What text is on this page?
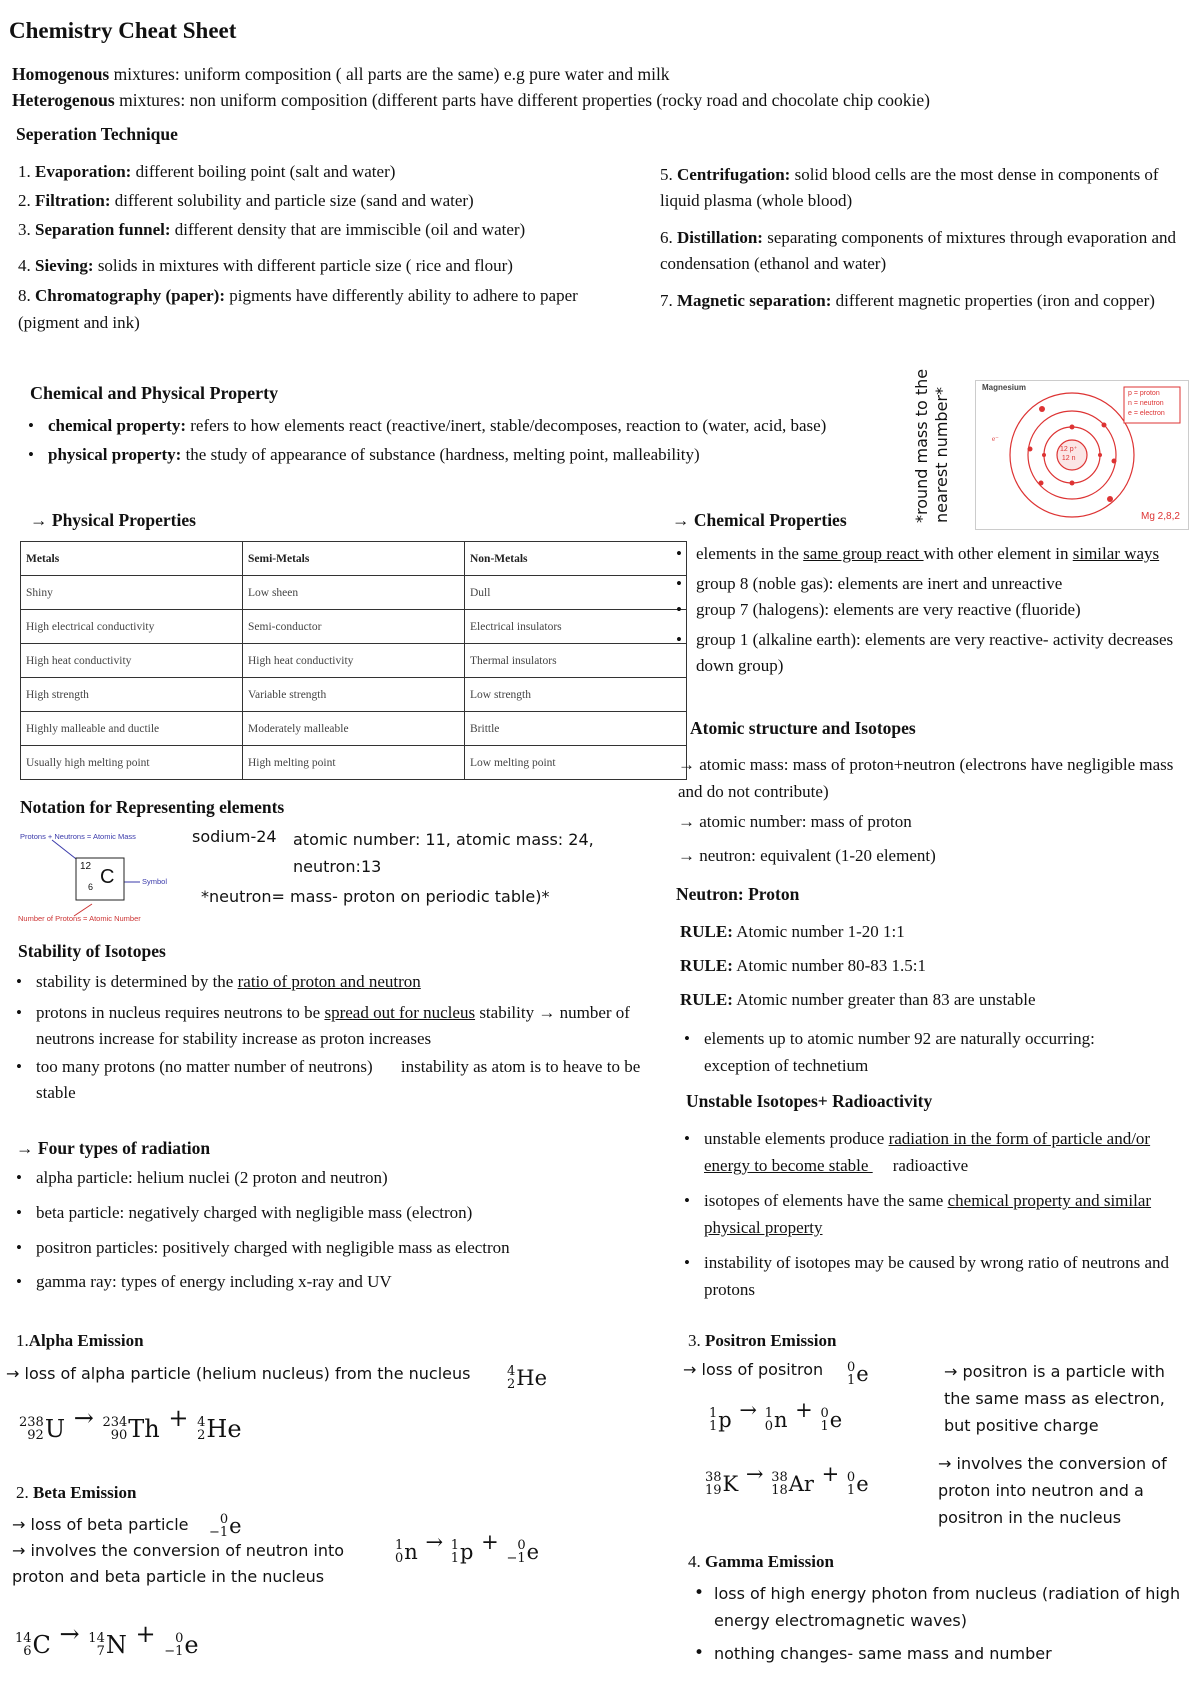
Chemistry Cheat Sheet
Homogenous mixtures: uniform composition ( all parts are the same) e.g pure water and milk
Heterogenous mixtures: non uniform composition (different parts have different properties (rocky road and chocolate chip cookie)
Seperation Technique
1. Evaporation: different boiling point (salt and water)
2. Filtration: different solubility and particle size (sand and water)
3. Separation funnel: different density that are immiscible (oil and water)
4. Sieving: solids in mixtures with different particle size ( rice and flour)
8. Chromatography (paper): pigments have differently ability to adhere to paper (pigment and ink)
5. Centrifugation: solid blood cells are the most dense in components of liquid plasma (whole blood)
6. Distillation: separating components of mixtures through evaporation and condensation (ethanol and water)
7. Magnetic separation: different magnetic properties (iron and copper)
Chemical and Physical Property
• chemical property: refers to how elements react (reactive/inert, stable/decomposes, reaction to (water, acid, base)
• physical property: the study of appearance of substance (hardness, melting point, malleability)	*round mass to the nearest number*	Magnesium
p = proton
n = neutron
e = electron
12 p⁺
12 n
e⁻
Mg 2,8,2
→ Physical Properties
Metals	Semi-Metals	Non-Metals
Shiny	Low sheen	Dull
High electrical conductivity	Semi-conductor	Electrical insulators
High heat conductivity	High heat conductivity	Thermal insulators
High strength	Variable strength	Low strength
Highly malleable and ductile	Moderately malleable	Brittle
Usually high melting point	High melting point	Low melting point
→ Chemical Properties
• elements in the same group react with other element in similar ways
• group 8 (noble gas): elements are inert and unreactive
• group 7 (halogens): elements are very reactive (fluoride)
• group 1 (alkaline earth): elements are very reactive- activity decreases down group)
Notation for Representing elements
Protons + Neutrons = Atomic Mass
12
6 C	Symbol
Number of Protons = Atomic Number
sodium-24 atomic number: 11, atomic mass: 24,
neutron:13
*neutron= mass- proton on periodic table)*
Atomic structure and Isotopes
→ atomic mass: mass of proton+neutron (electrons have negligible mass and do not contribute)
→ atomic number: mass of proton
→ neutron: equivalent (1-20 element)
Neutron: Proton
RULE: Atomic number 1-20 1:1
RULE: Atomic number 80-83 1.5:1
RULE: Atomic number greater than 83 are unstable
• elements up to atomic number 92 are naturally occurring: exception of technetium
Stability of Isotopes
• stability is determined by the ratio of proton and neutron
• protons in nucleus requires neutrons to be spread out for nucleus stability → number of neutrons increase for stability increase as proton increases
• too many protons (no matter number of neutrons) instability as atom is to heave to be stable	Unstable Isotopes+ Radioactivity
• unstable elements produce radiation in the form of particle and/or energy to become stable radioactive
• isotopes of elements have the same chemical property and similar physical property
• instability of isotopes may be caused by wrong ratio of neutrons and protons
→ Four types of radiation
• alpha particle: helium nuclei (2 proton and neutron)
• beta particle: negatively charged with negligible mass (electron)
• positron particles: positively charged with negligible mass as electron
• gamma ray: types of energy including x-ray and UV
1.Alpha Emission
→ loss of alpha particle (helium nucleus) from the nucleus	4
2 He
238
92 U → 234
90 Th + 4
2 He
2. Beta Emission
→ loss of beta particle
→ involves the conversion of neutron into
proton and beta particle in the nucleus
0
−1 e
1
0 n → 1
1 p + 0
−1 e
14
6 C → 14
7 N + 0
−1 e
3. Positron Emission
→ loss of positron 0
1 e
1
1 p → 1
0 n + 0
1 e
38
19 K → 38
18 Ar + 0
1 e
→ positron is a particle with the same mass as electron, but positive charge
→ involves the conversion of proton into neutron and a positron in the nucleus
4. Gamma Emission
• loss of high energy photon from nucleus (radiation of high energy electromagnetic waves)
• nothing changes- same mass and number
